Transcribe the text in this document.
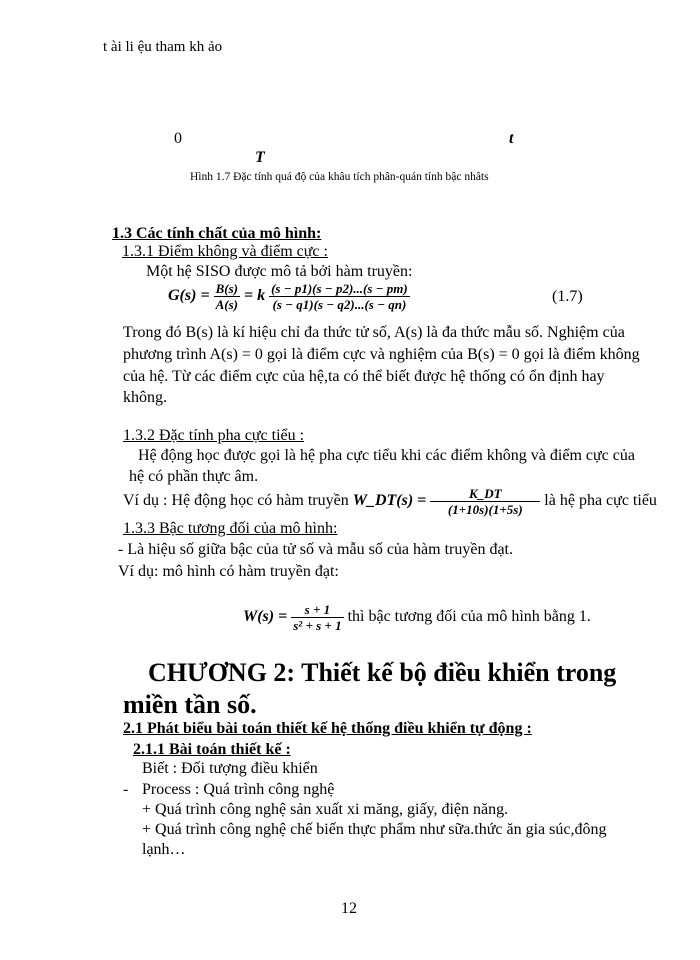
t ài li ệu tham kh ảo
0	t
T
Hình 1.7 Đặc tính quá độ của khâu tích phân-quán tính bậc nhâts
1.3 Các tính chất của mô hình:
1.3.1 Điểm không và điểm cực :
Một hệ SISO được mô tả bởi hàm truyền:
$G(s) = \frac{B(s)}{A(s)} = k \frac{(s - p1)(s - p2)...(s - pm)}{(s - q1)(s - q2)...(s - qn)}$	(1.7)
Trong đó B(s) là kí hiệu chỉ đa thức tử số, A(s) là đa thức mẫu số. Nghiệm của
phương trình A(s) = 0 gọi là điểm cực và nghiệm của B(s) = 0 gọi là điểm không
của hệ. Từ các điểm cực của hệ,ta có thể biết được hệ thống có ổn định hay
không.
1.3.2 Đặc tính pha cực tiểu :
Hệ động học được gọi là hệ pha cực tiểu khi các điểm không và điểm cực của
hệ có phần thực âm.
Ví dụ : Hệ động học có hàm truyền W_DT(s) = $\frac{K\_DT}{(1+10s)(1+5s)}$ là hệ pha cực tiểu
1.3.3 Bậc tương đối của mô hình:
- Là hiệu số giữa bậc của tử số và mẫu số của hàm truyền đạt.
Ví dụ: mô hình có hàm truyền đạt:
$W(s) = \frac{s + 1}{\text{s² + s + 1}}$ thì bậc tương đối của mô hình bằng 1.
CHƯƠNG 2: Thiết kế bộ điều khiển trong
miền tần số.
2.1 Phát biểu bài toán thiết kế hệ thống điều khiển tự động :
2.1.1 Bài toán thiết kế :
Biết : Đối tượng điều khiển
- Process : Quá trình công nghệ
+ Quá trình công nghệ sản xuất xi măng, giấy, điện năng.
+ Quá trình công nghệ chế biến thực phẩm như sữa.thức ăn gia súc,đông
lạnh…
12
